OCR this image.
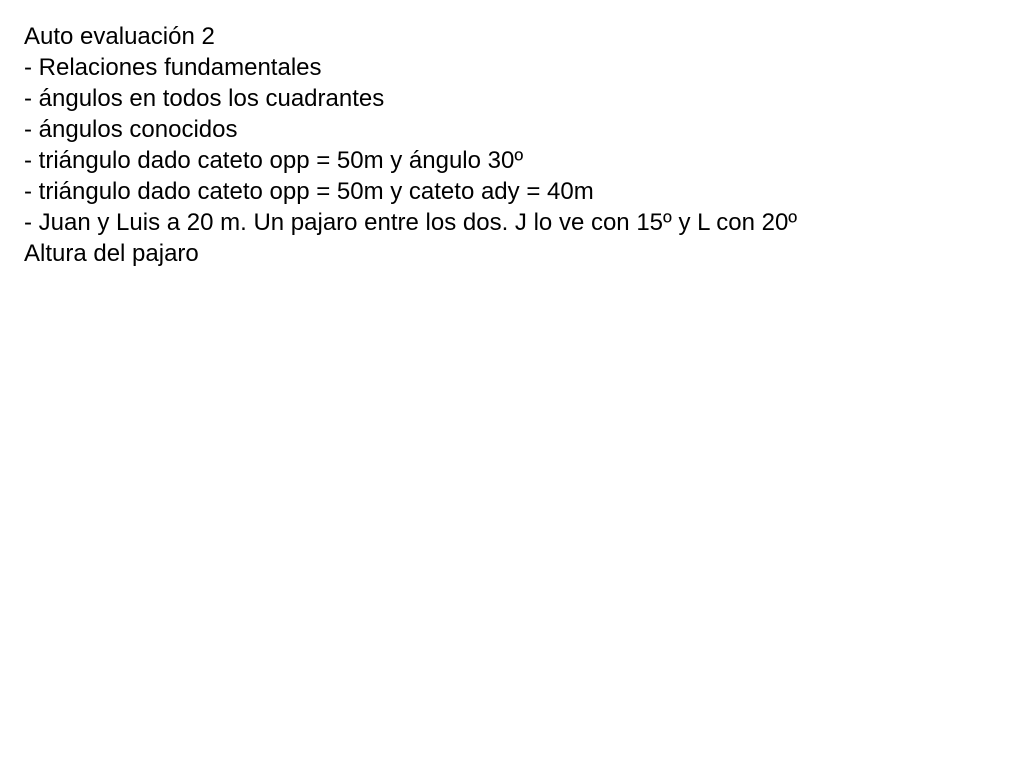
Auto evaluación 2
- Relaciones fundamentales
- ángulos en todos los cuadrantes
- ángulos conocidos
- triángulo dado cateto opp = 50m y ángulo 30º
- triángulo dado cateto opp = 50m y cateto ady = 40m
- Juan y Luis a 20 m. Un pajaro entre los dos. J lo ve con 15º y L con 20º
Altura del pajaro
